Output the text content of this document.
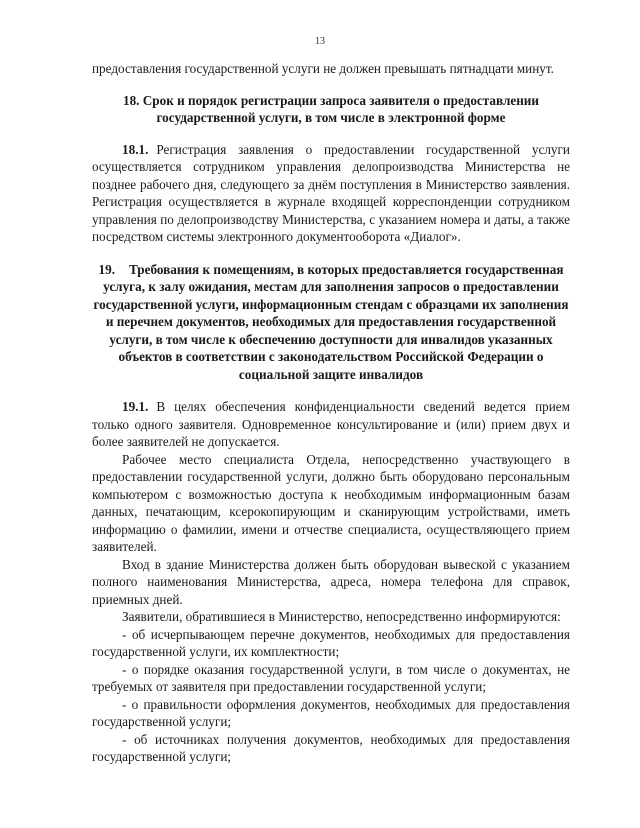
13

предоставления государственной услуги не должен превышать пятнадцати минут.

18. Срок и порядок регистрации запроса заявителя о предоставлении государственной услуги, в том числе в электронной форме

18.1. Регистрация заявления о предоставлении государственной услуги осуществляется сотрудником управления делопроизводства Министерства не позднее рабочего дня, следующего за днём поступления в Министерство заявления. Регистрация осуществляется в журнале входящей корреспонденции сотрудником управления по делопроизводству Министерства, с указанием номера и даты, а также посредством системы электронного документооборота «Диалог».

19. Требования к помещениям, в которых предоставляется государственная услуга, к залу ожидания, местам для заполнения запросов о предоставлении государственной услуги, информационным стендам с образцами их заполнения и перечнем документов, необходимых для предоставления государственной услуги, в том числе к обеспечению доступности для инвалидов указанных объектов в соответствии с законодательством Российской Федерации о социальной защите инвалидов

19.1. В целях обеспечения конфиденциальности сведений ведется прием только одного заявителя. Одновременное консультирование и (или) прием двух и более заявителей не допускается.

Рабочее место специалиста Отдела, непосредственно участвующего в предоставлении государственной услуги, должно быть оборудовано персональным компьютером с возможностью доступа к необходимым информационным базам данных, печатающим, ксерокопирующим и сканирующим устройствами, иметь информацию о фамилии, имени и отчестве специалиста, осуществляющего прием заявителей.

Вход в здание Министерства должен быть оборудован вывеской с указанием полного наименования Министерства, адреса, номера телефона для справок, приемных дней.

Заявители, обратившиеся в Министерство, непосредственно информируются:

- об исчерпывающем перечне документов, необходимых для предоставления государственной услуги, их комплектности;

- о порядке оказания государственной услуги, в том числе о документах, не требуемых от заявителя при предоставлении государственной услуги;

- о правильности оформления документов, необходимых для предоставления государственной услуги;

- об источниках получения документов, необходимых для предоставления государственной услуги;
